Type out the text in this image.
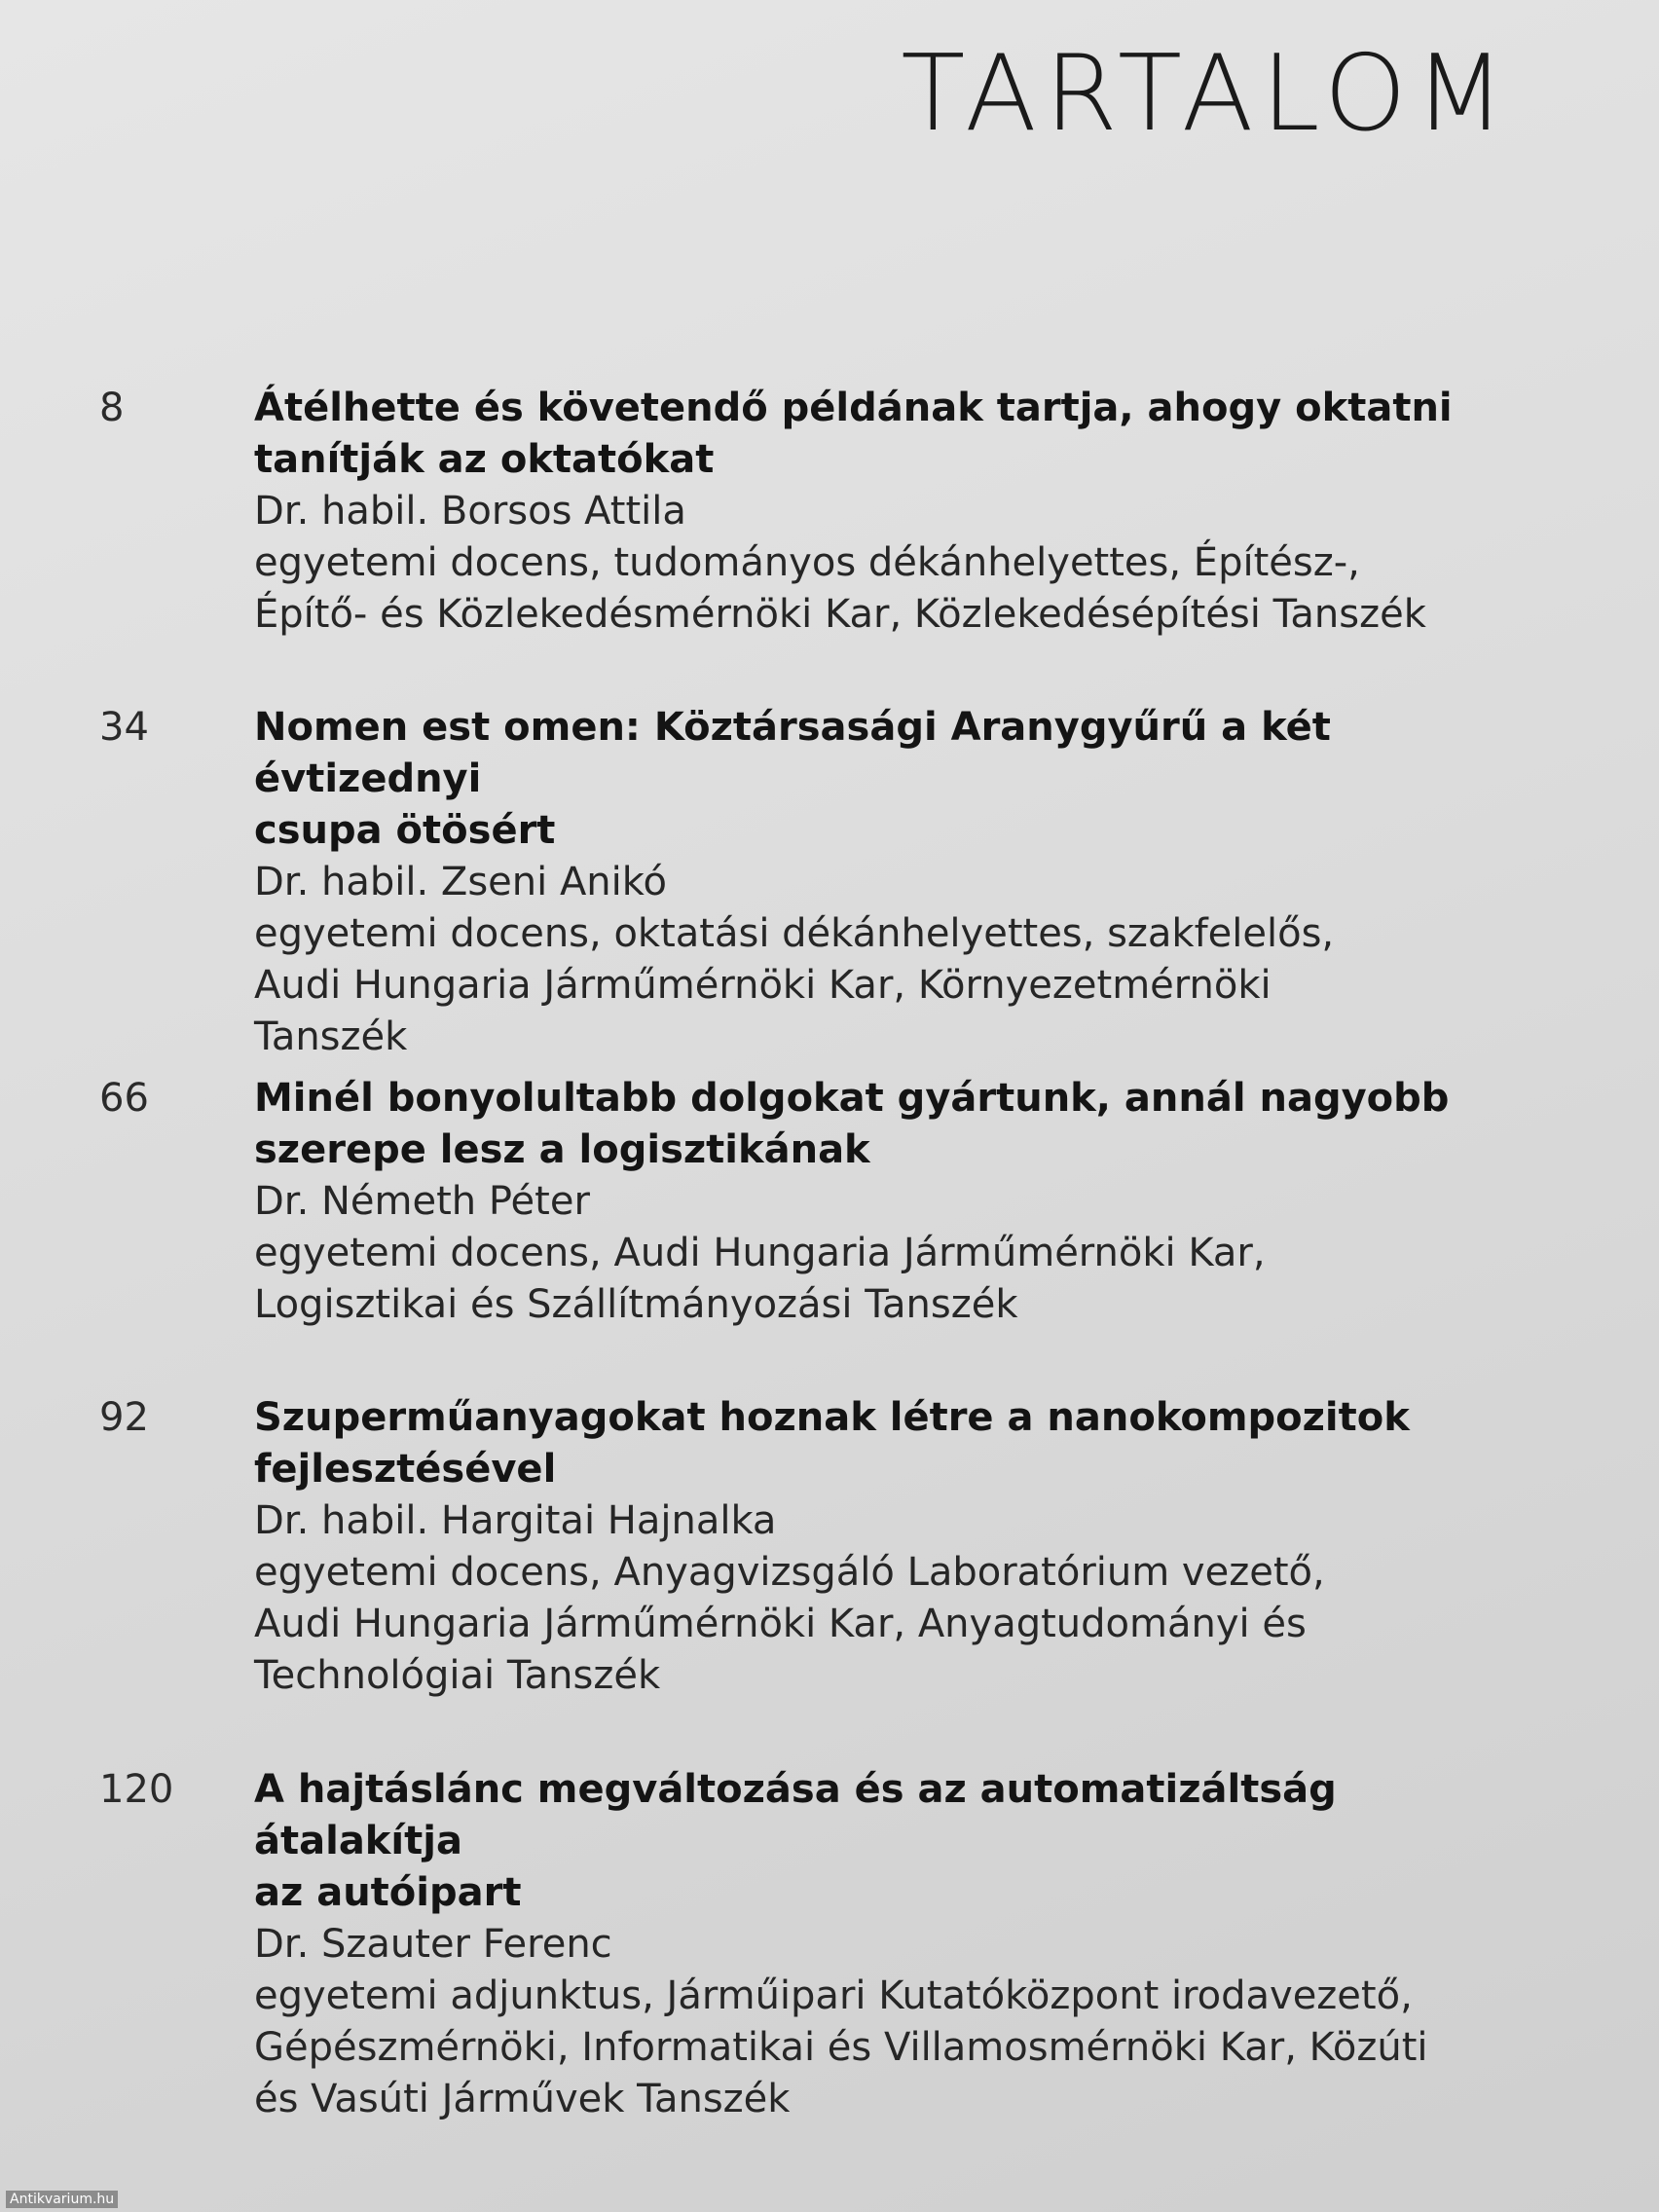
TARTALOM
8	Átélhette és követendő példának tartja, ahogy oktatni
tanítják az oktatókat
Dr. habil. Borsos Attila
egyetemi docens, tudományos dékánhelyettes, Építész-,
Építő- és Közlekedésmérnöki Kar, Közlekedésépítési Tanszék
34	Nomen est omen: Köztársasági Aranygyűrű a két évtizednyi
csupa ötösért
Dr. habil. Zseni Anikó
egyetemi docens, oktatási dékánhelyettes, szakfelelős,
Audi Hungaria Járműmérnöki Kar, Környezetmérnöki
Tanszék
66	Minél bonyolultabb dolgokat gyártunk, annál nagyobb
szerepe lesz a logisztikának
Dr. Németh Péter
egyetemi docens, Audi Hungaria Járműmérnöki Kar,
Logisztikai és Szállítmányozási Tanszék
92	Szuperműanyagokat hoznak létre a nanokompozitok
fejlesztésével
Dr. habil. Hargitai Hajnalka
egyetemi docens, Anyagvizsgáló Laboratórium vezető,
Audi Hungaria Járműmérnöki Kar, Anyagtudományi és
Technológiai Tanszék
120 A hajtáslánc megváltozása és az automatizáltság átalakítja
az autóipart
Dr. Szauter Ferenc
egyetemi adjunktus, Járműipari Kutatóközpont irodavezető,
Gépészmérnöki, Informatikai és Villamosmérnöki Kar, Közúti
és Vasúti Járművek Tanszék
Antikvarium.hu
